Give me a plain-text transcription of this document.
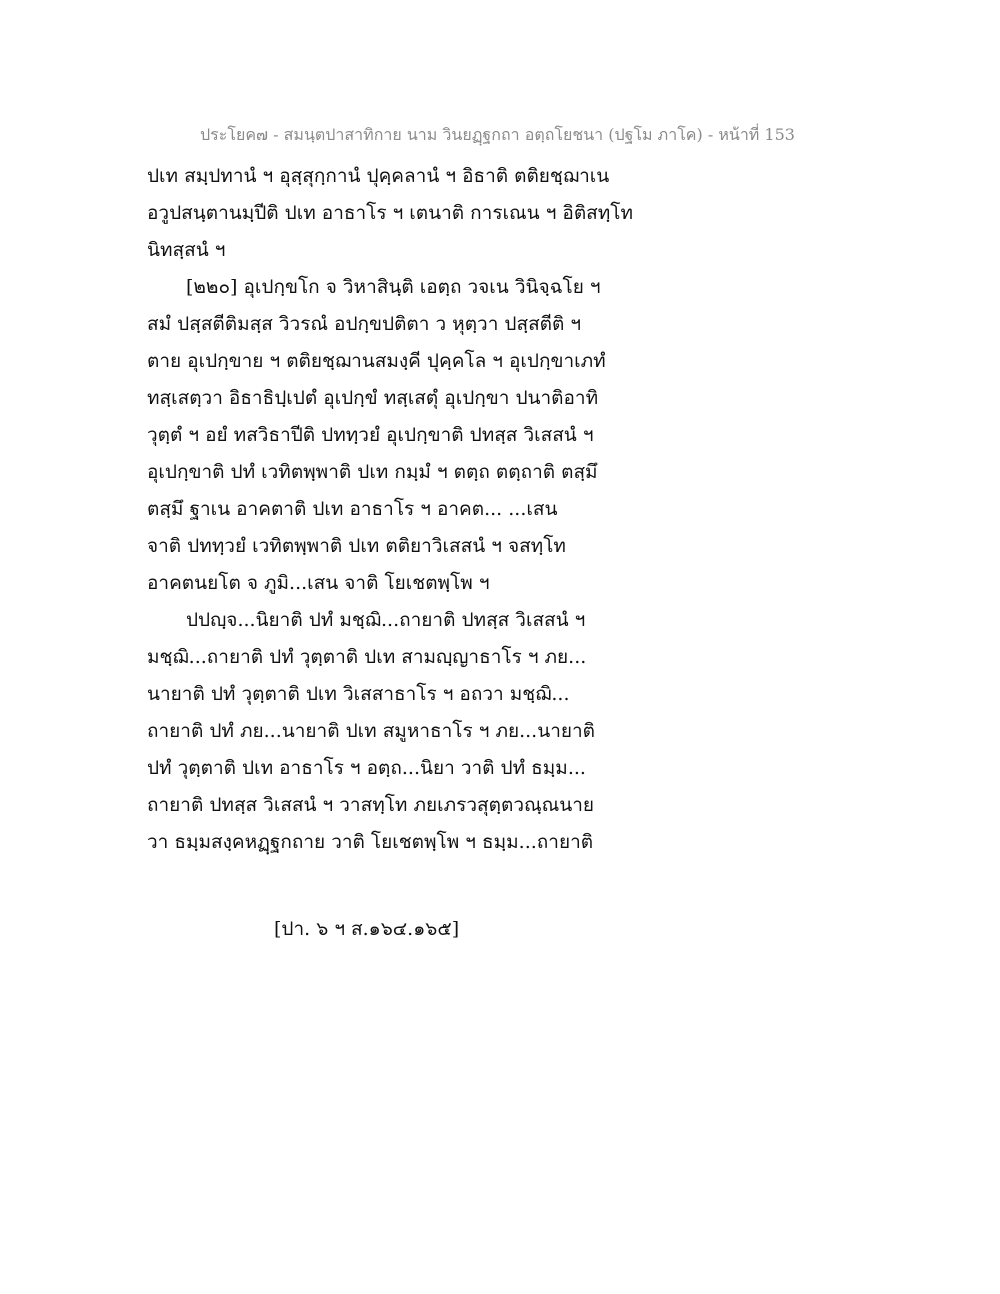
ประโยค๗ - สมนฺตปาสาทิกาย นาม วินยฏฺฐกถา อตฺถโยชนา (ปฐโม ภาโค) - หน้าที่ 153
ปเท สมฺปทานํ ฯ อุสฺสุกฺกานํ ปุคฺคลานํ ฯ อิธาติ ตติยชฺฌาเน
อวูปสนฺตานมฺปีติ ปเท อาธาโร ฯ เตนาติ การเณน ฯ อิติสทฺโท
นิทสฺสนํ ฯ
[๒๒๐] อุเปกฺขโก จ วิหาสินฺติ เอตฺถ วจเน วินิจฺฉโย ฯ
สมํ ปสฺสตีติมสฺส วิวรณํ อปกฺขปติตา ว หุตฺวา ปสฺสตีติ ฯ
ตาย อุเปกฺขาย ฯ ตติยชฺฌานสมงฺคี ปุคฺคโล ฯ อุเปกฺขาเภทํ
ทสฺเสตฺวา อิธาธิปฺเปตํ อุเปกฺขํ ทสฺเสตุํ อุเปกฺขา ปนาติอาทิ
วุตฺตํ ฯ อยํ ทสวิธาปีติ ปททฺวยํ อุเปกฺขาติ ปทสฺส วิเสสนํ ฯ
อุเปกฺขาติ ปทํ เวทิตพฺพาติ ปเท กมฺมํ ฯ ตตฺถ ตตฺถาติ ตสฺมึ
ตสฺมึ ฐาเน อาคตาติ ปเท อาธาโร ฯ อาคต... ...เสน
จาติ ปททฺวยํ เวทิตพฺพาติ ปเท ตติยาวิเสสนํ ฯ จสทฺโท
อาคตนยโต จ ภูมิ...เสน จาติ โยเชตพฺโพ ฯ
ปปญฺจ...นิยาติ ปทํ มชฺฌิ...ถายาติ ปทสฺส วิเสสนํ ฯ
มชฺฌิ...ถายาติ ปทํ วุตฺตาติ ปเท สามญฺญาธาโร ฯ ภย...
นายาติ ปทํ วุตฺตาติ ปเท วิเสสาธาโร ฯ อถวา มชฺฌิ...
ถายาติ ปทํ ภย...นายาติ ปเท สมูหาธาโร ฯ ภย...นายาติ
ปทํ วุตฺตาติ ปเท อาธาโร ฯ อตฺถ...นิยา วาติ ปทํ ธมฺม...
ถายาติ ปทสฺส วิเสสนํ ฯ วาสทฺโท ภยเภรวสุตฺตวณฺณนาย
วา ธมฺมสงฺคหฏฺฐกถาย วาติ โยเชตพฺโพ ฯ ธมฺม...ถายาติ
[ปา. ๖ ฯ ส.๑๖๔.๑๖๕]
